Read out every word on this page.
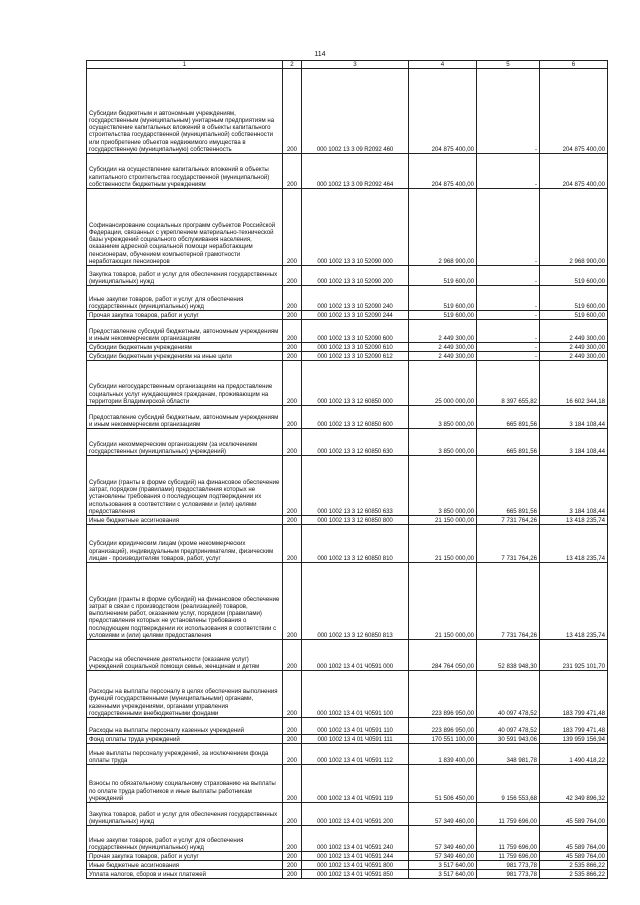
114
1	2	3	4	5	6
Субсидии бюджетным и автономным учреждениям, государственным (муниципальным) унитарным предприятиям на осуществление капитальных вложений в объекты капитального строительства государственной (муниципальной) собственности или приобретение объектов недвижимого имущества в государственную (муниципальную) собственность	200	000 1002 13 3 09 R2092 460	204 875 400,00	-	204 875 400,00
Субсидии на осуществление капитальных вложений в объекты капитального строительства государственной (муниципальной) собственности бюджетным учреждениям	200	000 1002 13 3 09 R2092 464	204 875 400,00	-	204 875 400,00
Софинансирование социальных программ субъектов Российской Федерации, связанных с укреплением материально-технической базы учреждений социального обслуживания населения, оказанием адресной социальной помощи неработающим пенсионерам, обучением компьютерной грамотности неработающих пенсионеров	200	000 1002 13 3 10 52090 000	2 968 900,00	-	2 968 900,00
Закупка товаров, работ и услуг для обеспечения государственных (муниципальных) нужд	200	000 1002 13 3 10 52090 200	519 600,00	-	519 600,00
Иные закупки товаров, работ и услуг для обеспечения государственных (муниципальных) нужд	200	000 1002 13 3 10 52090 240	519 600,00	-	519 600,00
Прочая закупка товаров, работ и услуг	200	000 1002 13 3 10 52090 244	519 600,00	-	519 600,00
Предоставление субсидий бюджетным, автономным учреждениям и иным некоммерческим организациям	200	000 1002 13 3 10 52090 600	2 449 300,00	-	2 449 300,00
Субсидии бюджетным учреждениям	200	000 1002 13 3 10 52090 610	2 449 300,00	-	2 449 300,00
Субсидии бюджетным учреждениям на иные цели	200	000 1002 13 3 10 52090 612	2 449 300,00	-	2 449 300,00
Субсидии негосударственным организациям на предоставление социальных услуг нуждающимся гражданам, проживающим на территории Владимирской области	200	000 1002 13 3 12 60850 000	25 000 000,00	8 397 655,82	16 602 344,18
Предоставление субсидий бюджетным, автономным учреждениям и иным некоммерческим организациям	200	000 1002 13 3 12 60850 600	3 850 000,00	665 891,56	3 184 108,44
Субсидии некоммерческим организациям (за исключением государственных (муниципальных) учреждений)	200	000 1002 13 3 12 60850 630	3 850 000,00	665 891,56	3 184 108,44
Субсидии (гранты в форме субсидий) на финансовое обеспечение затрат, порядком (правилами) предоставления которых не установлены требования о последующем подтверждении их использования в соответствии с условиями и (или) целями предоставления	200	000 1002 13 3 12 60850 633	3 850 000,00	665 891,56	3 184 108,44
Иные бюджетные ассигнования	200	000 1002 13 3 12 60850 800	21 150 000,00	7 731 764,26	13 418 235,74
Субсидии юридическим лицам (кроме некоммерческих организаций), индивидуальным предпринимателям, физическим лицам - производителям товаров, работ, услуг	200	000 1002 13 3 12 60850 810	21 150 000,00	7 731 764,26	13 418 235,74
Субсидии (гранты в форме субсидий) на финансовое обеспечение затрат в связи с производством (реализацией) товаров, выполнением работ, оказанием услуг, порядком (правилами) предоставления которых не установлены требования о последующем подтверждении их использования в соответствии с условиями и (или) целями предоставления	200	000 1002 13 3 12 60850 813	21 150 000,00	7 731 764,26	13 418 235,74
Расходы на обеспечение деятельности (оказание услуг) учреждений социальной помощи семье, женщинам и детям	200	000 1002 13 4 01 Ч0591 000	284 764 050,00	52 838 948,30	231 925 101,70
Расходы на выплаты персоналу в целях обеспечения выполнения функций государственными (муниципальными) органами, казенными учреждениями, органами управления государственными внебюджетными фондами	200	000 1002 13 4 01 Ч0591 100	223 896 950,00	40 097 478,52	183 799 471,48
Расходы на выплаты персоналу казенных учреждений	200	000 1002 13 4 01 Ч0591 110	223 896 950,00	40 097 478,52	183 799 471,48
Фонд оплаты труда учреждений	200	000 1002 13 4 01 Ч0591 111	170 551 100,00	30 591 943,06	139 959 156,94
Иные выплаты персоналу учреждений, за исключением фонда оплаты труда	200	000 1002 13 4 01 Ч0591 112	1 839 400,00	348 981,78	1 490 418,22
Взносы по обязательному социальному страхованию на выплаты по оплате труда работников и иные выплаты работникам учреждений	200	000 1002 13 4 01 Ч0591 119	51 506 450,00	9 156 553,68	42 349 896,32
Закупка товаров, работ и услуг для обеспечения государственных (муниципальных) нужд	200	000 1002 13 4 01 Ч0591 200	57 349 460,00	11 759 696,00	45 589 764,00
Иные закупки товаров, работ и услуг для обеспечения государственных (муниципальных) нужд	200	000 1002 13 4 01 Ч0591 240	57 349 460,00	11 759 696,00	45 589 764,00
Прочая закупка товаров, работ и услуг	200	000 1002 13 4 01 Ч0591 244	57 349 460,00	11 759 696,00	45 589 764,00
Иные бюджетные ассигнования	200	000 1002 13 4 01 Ч0591 800	3 517 640,00	981 773,78	2 535 866,22
Уплата налогов, сборов и иных платежей	200	000 1002 13 4 01 Ч0591 850	3 517 640,00	981 773,78	2 535 866,22
